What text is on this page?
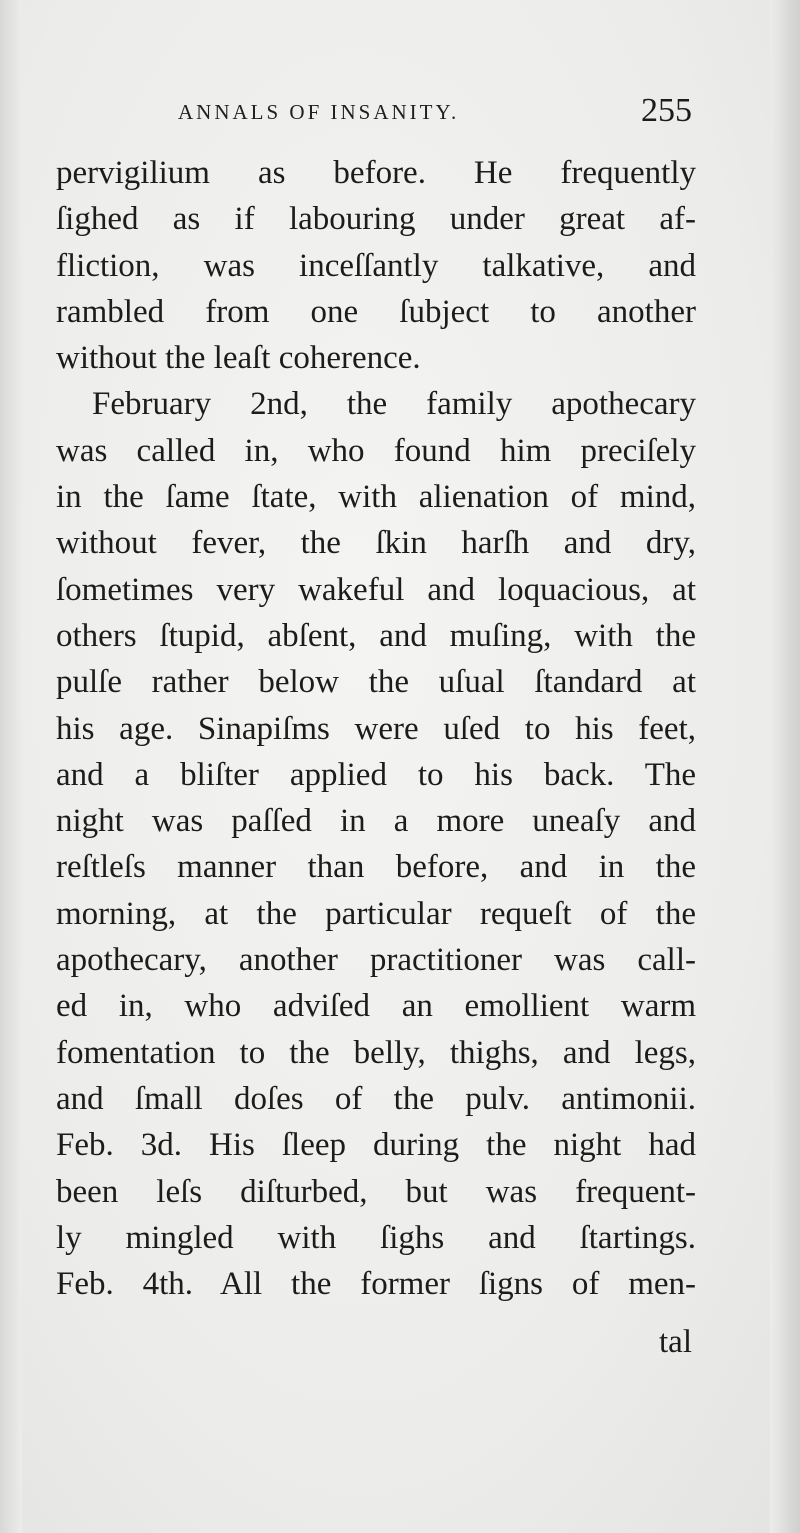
ANNALS OF INSANITY.	255
pervigilium as before. He frequently
ſighed as if labouring under great af-
fliction, was inceſſantly talkative, and
rambled from one ſubject to another
without the leaſt coherence.
February 2nd, the family apothecary
was called in, who found him preciſely
in the ſame ſtate, with alienation of mind,
without fever, the ſkin harſh and dry,
ſometimes very wakeful and loquacious, at
others ſtupid, abſent, and muſing, with the
pulſe rather below the uſual ſtandard at
his age. Sinapiſms were uſed to his feet,
and a bliſter applied to his back. The
night was paſſed in a more uneaſy and
reſtleſs manner than before, and in the
morning, at the particular requeſt of the
apothecary, another practitioner was call-
ed in, who adviſed an emollient warm
fomentation to the belly, thighs, and legs,
and ſmall doſes of the pulv. antimonii.
Feb. 3d. His ſleep during the night had
been leſs diſturbed, but was frequent-
ly mingled with ſighs and ſtartings.
Feb. 4th. All the former ſigns of men-
tal
